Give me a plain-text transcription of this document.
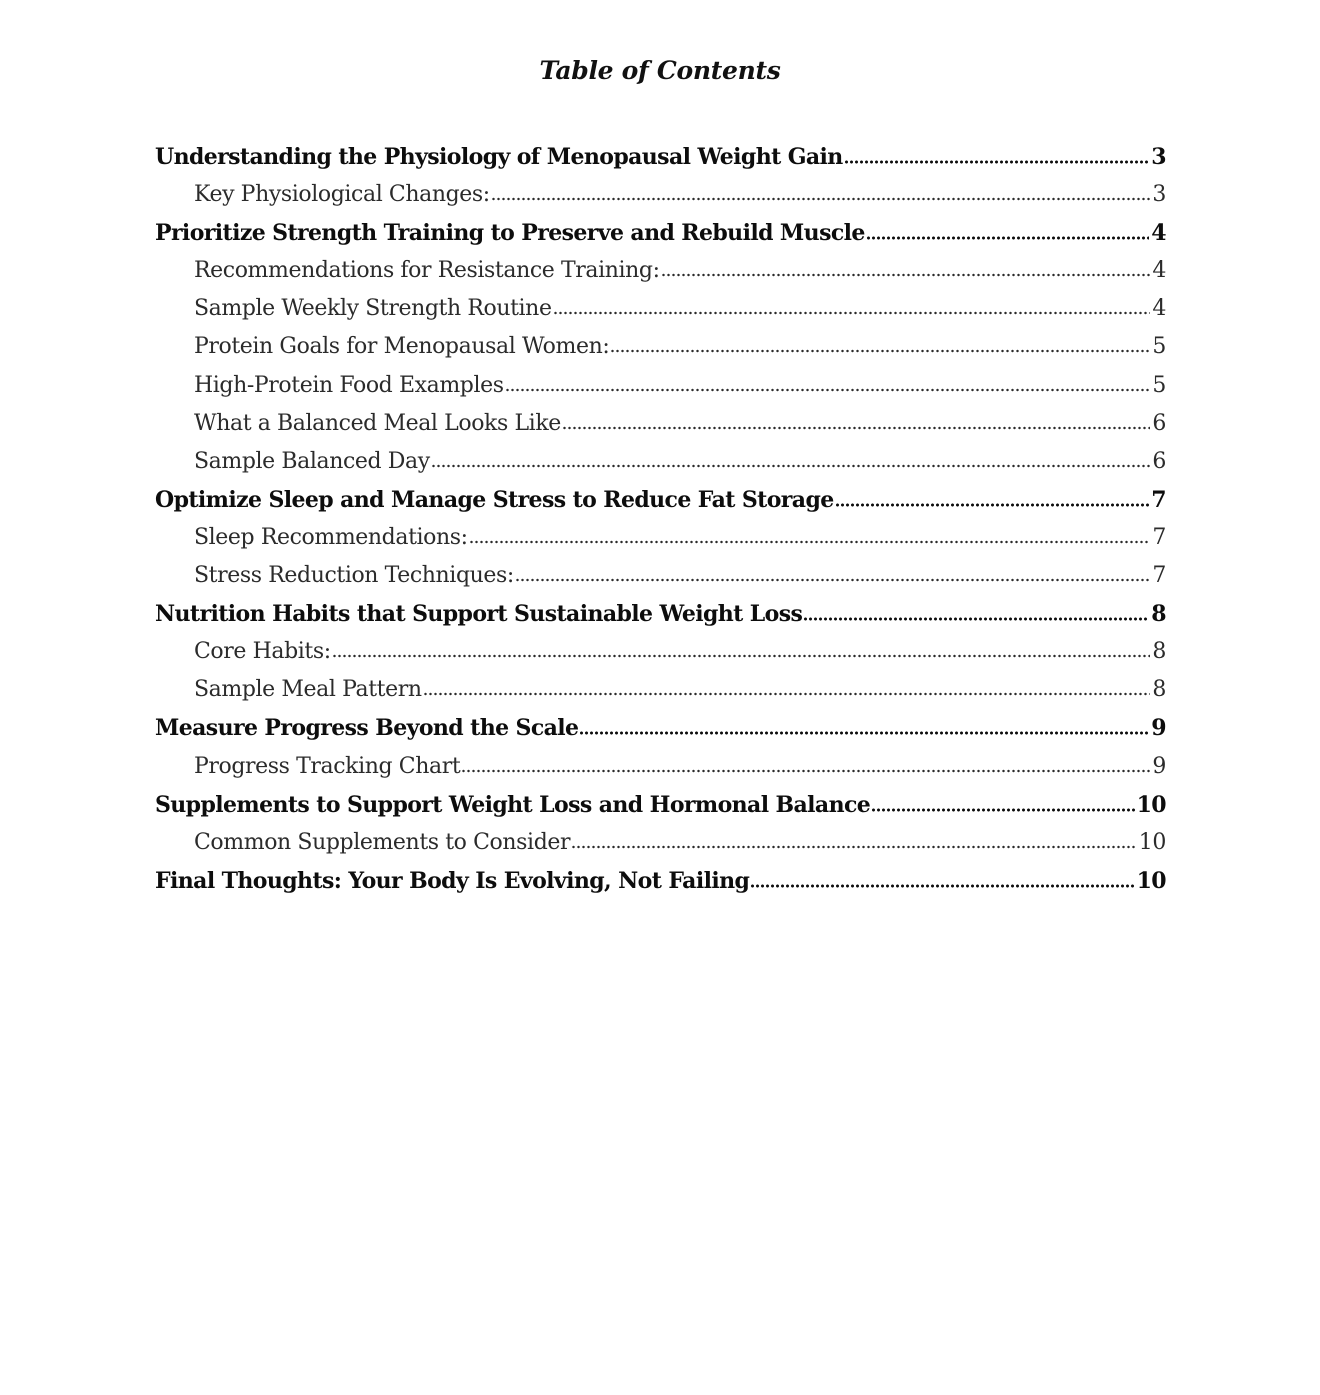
Table of Contents
Understanding the Physiology of Menopausal Weight Gain	3
Key Physiological Changes:	3
Prioritize Strength Training to Preserve and Rebuild Muscle	4
Recommendations for Resistance Training:	4
Sample Weekly Strength Routine	4
Protein Goals for Menopausal Women:	5
High-Protein Food Examples	5
What a Balanced Meal Looks Like	6
Sample Balanced Day	6
Optimize Sleep and Manage Stress to Reduce Fat Storage	7
Sleep Recommendations:	7
Stress Reduction Techniques:	7
Nutrition Habits that Support Sustainable Weight Loss	8
Core Habits:	8
Sample Meal Pattern	8
Measure Progress Beyond the Scale	9
Progress Tracking Chart	9
Supplements to Support Weight Loss and Hormonal Balance	10
Common Supplements to Consider	10
Final Thoughts: Your Body Is Evolving, Not Failing	10
